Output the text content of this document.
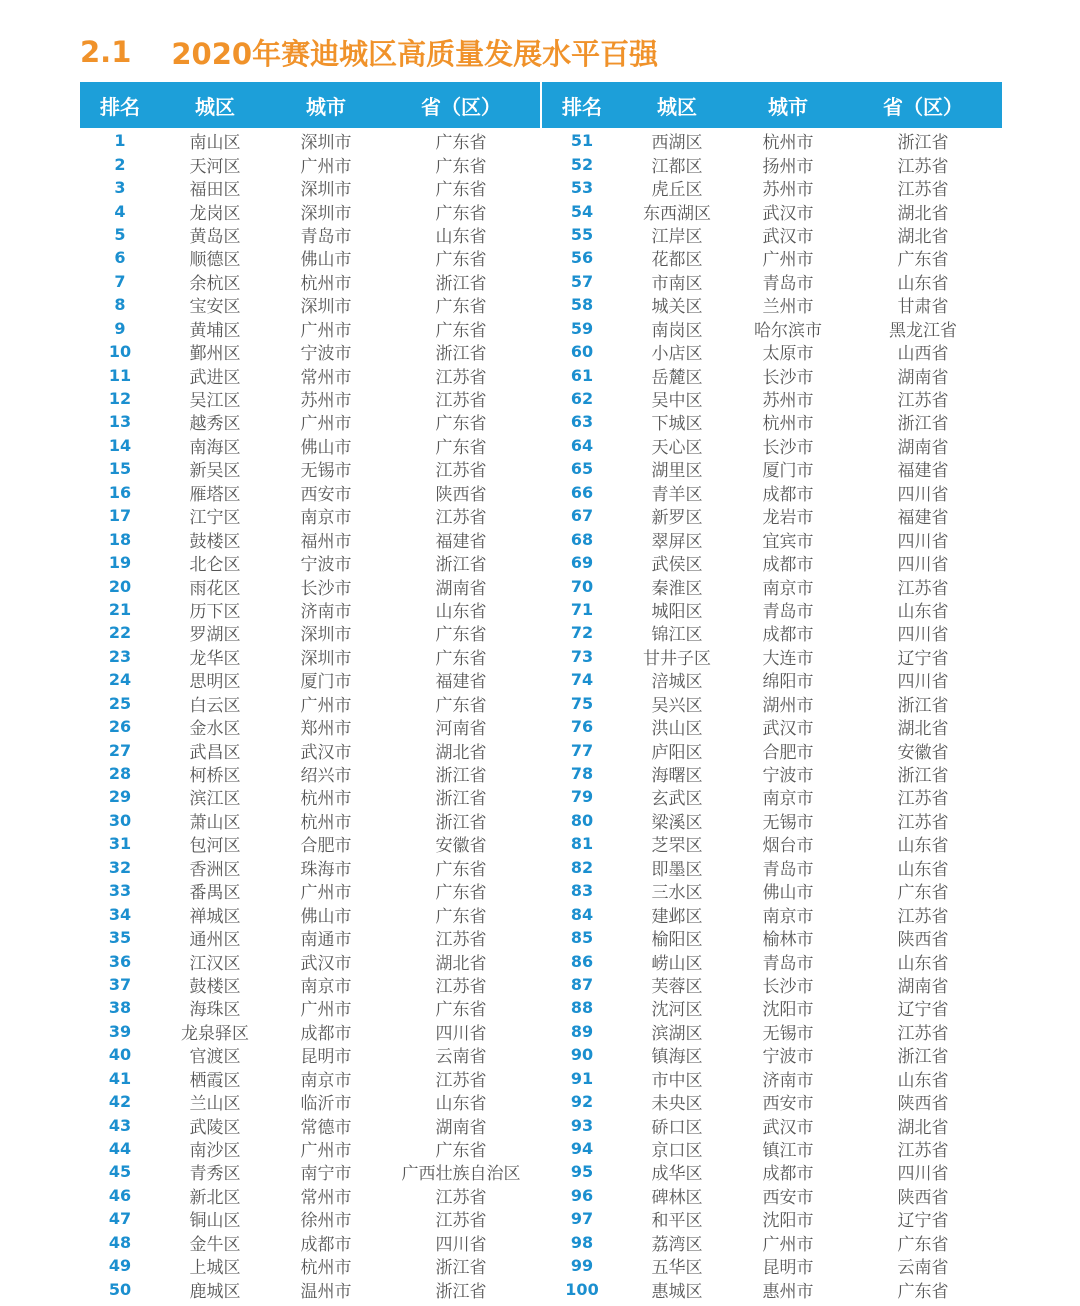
2.1 2020年赛迪城区高质量发展水平百强
排名	城区	城市	省（区）
1	南山区	深圳市	广东省
2	天河区	广州市	广东省
3	福田区	深圳市	广东省
4	龙岗区	深圳市	广东省
5	黄岛区	青岛市	山东省
6	顺德区	佛山市	广东省
7	余杭区	杭州市	浙江省
8	宝安区	深圳市	广东省
9	黄埔区	广州市	广东省
10	鄞州区	宁波市	浙江省
11	武进区	常州市	江苏省
12	吴江区	苏州市	江苏省
13	越秀区	广州市	广东省
14	南海区	佛山市	广东省
15	新吴区	无锡市	江苏省
16	雁塔区	西安市	陕西省
17	江宁区	南京市	江苏省
18	鼓楼区	福州市	福建省
19	北仑区	宁波市	浙江省
20	雨花区	长沙市	湖南省
21	历下区	济南市	山东省
22	罗湖区	深圳市	广东省
23	龙华区	深圳市	广东省
24	思明区	厦门市	福建省
25	白云区	广州市	广东省
26	金水区	郑州市	河南省
27	武昌区	武汉市	湖北省
28	柯桥区	绍兴市	浙江省
29	滨江区	杭州市	浙江省
30	萧山区	杭州市	浙江省
31	包河区	合肥市	安徽省
32	香洲区	珠海市	广东省
33	番禺区	广州市	广东省
34	禅城区	佛山市	广东省
35	通州区	南通市	江苏省
36	江汉区	武汉市	湖北省
37	鼓楼区	南京市	江苏省
38	海珠区	广州市	广东省
39	龙泉驿区	成都市	四川省
40	官渡区	昆明市	云南省
41	栖霞区	南京市	江苏省
42	兰山区	临沂市	山东省
43	武陵区	常德市	湖南省
44	南沙区	广州市	广东省
45	青秀区	南宁市	广西壮族自治区
46	新北区	常州市	江苏省
47	铜山区	徐州市	江苏省
48	金牛区	成都市	四川省
49	上城区	杭州市	浙江省
50	鹿城区	温州市	浙江省
排名	城区	城市	省（区）
51	西湖区	杭州市	浙江省
52	江都区	扬州市	江苏省
53	虎丘区	苏州市	江苏省
54	东西湖区	武汉市	湖北省
55	江岸区	武汉市	湖北省
56	花都区	广州市	广东省
57	市南区	青岛市	山东省
58	城关区	兰州市	甘肃省
59	南岗区	哈尔滨市	黑龙江省
60	小店区	太原市	山西省
61	岳麓区	长沙市	湖南省
62	吴中区	苏州市	江苏省
63	下城区	杭州市	浙江省
64	天心区	长沙市	湖南省
65	湖里区	厦门市	福建省
66	青羊区	成都市	四川省
67	新罗区	龙岩市	福建省
68	翠屏区	宜宾市	四川省
69	武侯区	成都市	四川省
70	秦淮区	南京市	江苏省
71	城阳区	青岛市	山东省
72	锦江区	成都市	四川省
73	甘井子区	大连市	辽宁省
74	涪城区	绵阳市	四川省
75	吴兴区	湖州市	浙江省
76	洪山区	武汉市	湖北省
77	庐阳区	合肥市	安徽省
78	海曙区	宁波市	浙江省
79	玄武区	南京市	江苏省
80	梁溪区	无锡市	江苏省
81	芝罘区	烟台市	山东省
82	即墨区	青岛市	山东省
83	三水区	佛山市	广东省
84	建邺区	南京市	江苏省
85	榆阳区	榆林市	陕西省
86	崂山区	青岛市	山东省
87	芙蓉区	长沙市	湖南省
88	沈河区	沈阳市	辽宁省
89	滨湖区	无锡市	江苏省
90	镇海区	宁波市	浙江省
91	市中区	济南市	山东省
92	未央区	西安市	陕西省
93	硚口区	武汉市	湖北省
94	京口区	镇江市	江苏省
95	成华区	成都市	四川省
96	碑林区	西安市	陕西省
97	和平区	沈阳市	辽宁省
98	荔湾区	广州市	广东省
99	五华区	昆明市	云南省
100	惠城区	惠州市	广东省
